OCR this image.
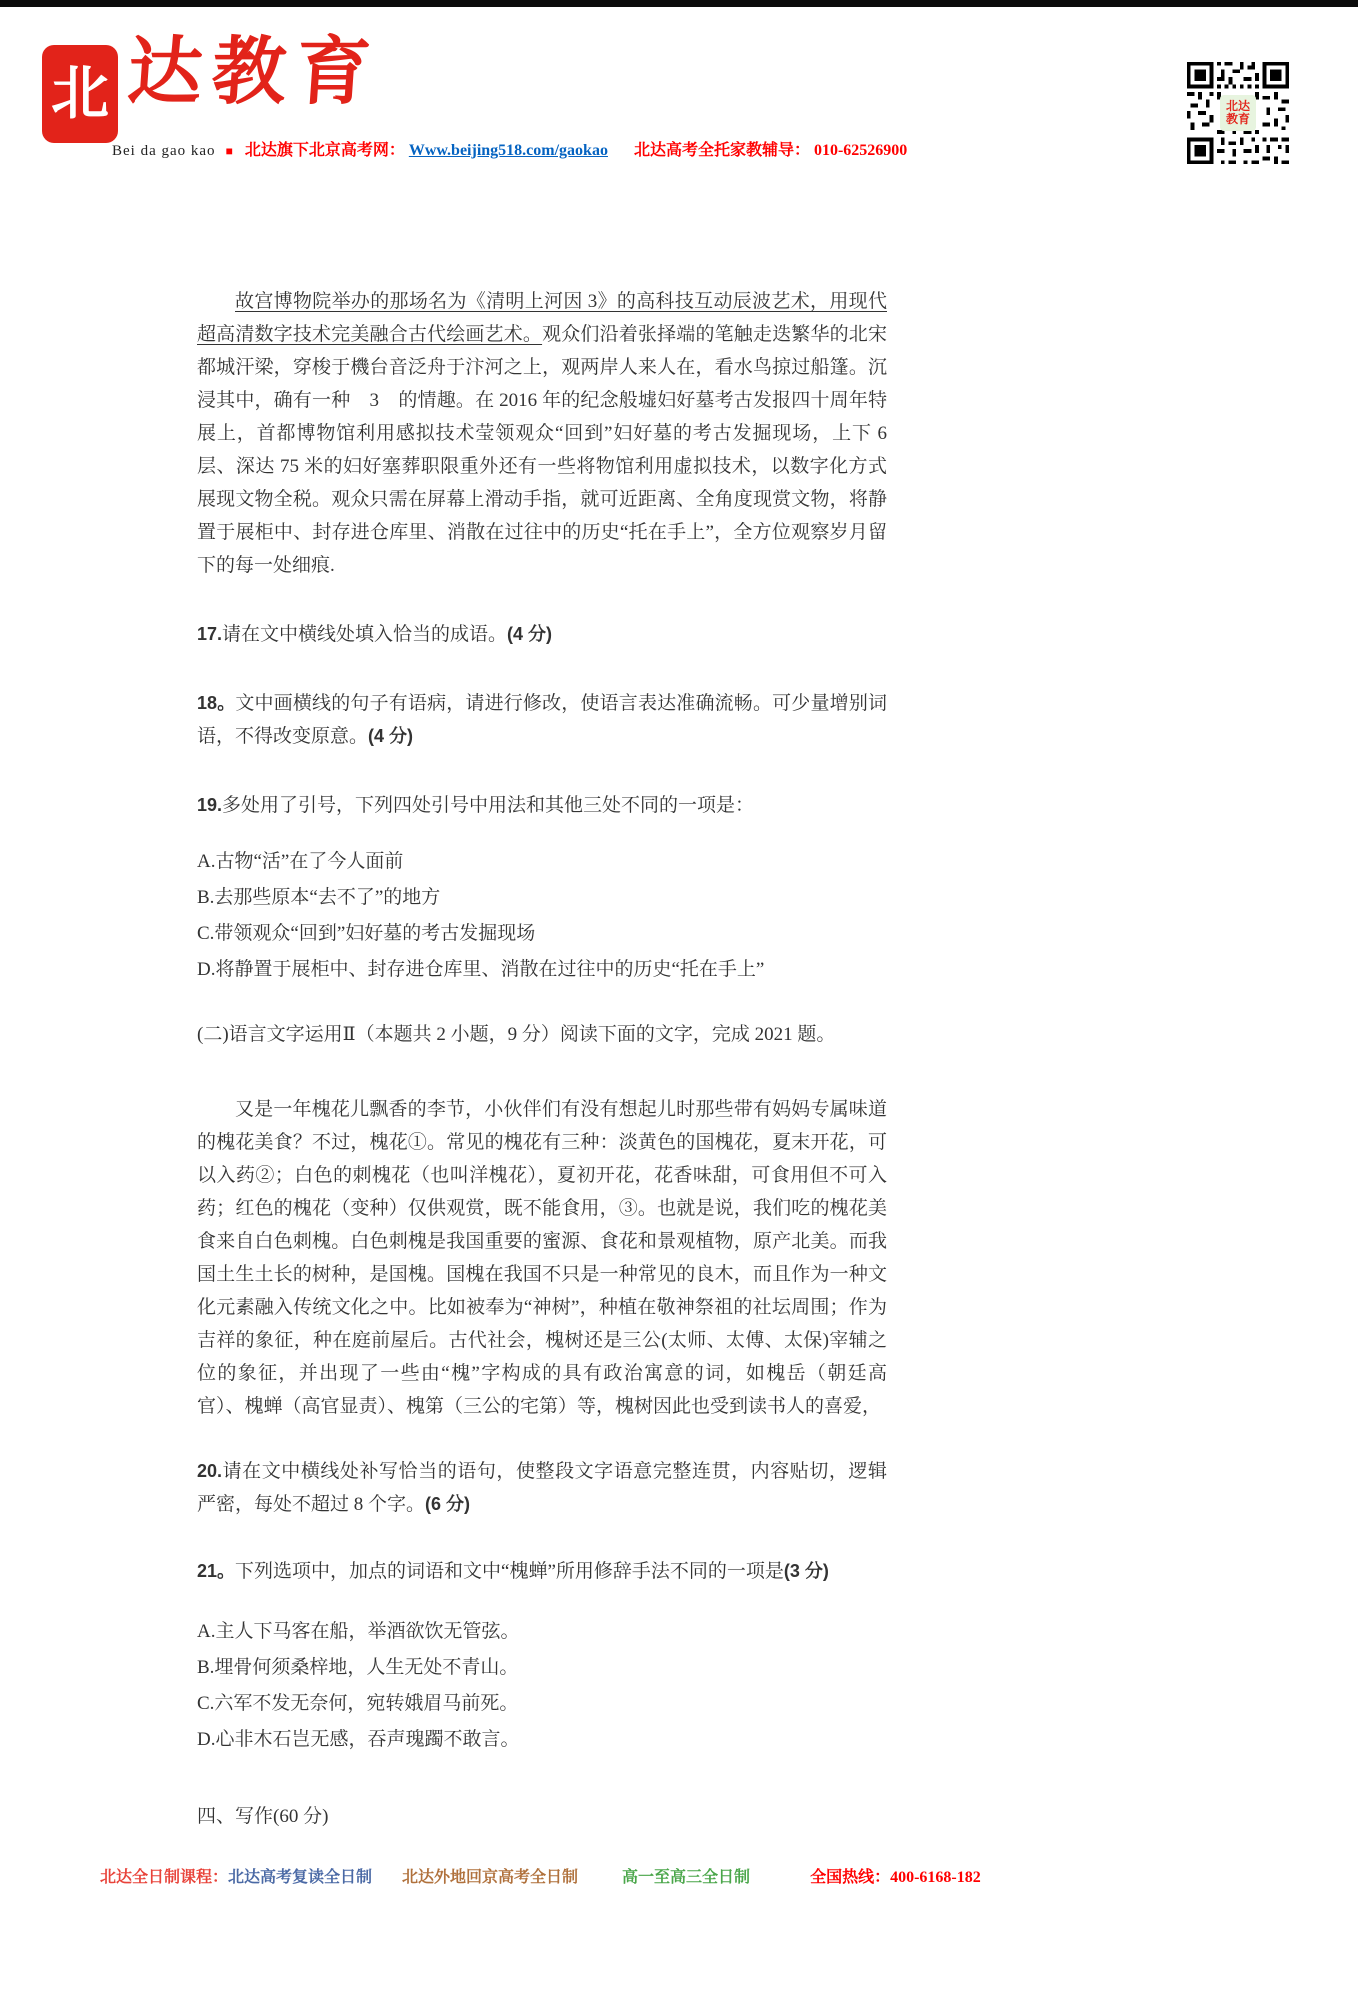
北 达教育
Bei da gao kao ■ 北达旗下北京高考网： Www.beijing518.com/gaokao 北达高考全托家教辅导： 010-62526900
北达
教育

故宫博物院举办的那场名为《清明上河因 3》的高科技互动辰波艺术，用现代超高清数字技术完美融合古代绘画艺术。观众们沿着张择端的笔触走迭繁华的北宋都城汗梁，穿梭于機台音泛舟于汴河之上，观两岸人来人在，看水鸟掠过船篷。沉浸其中，确有一种　3　的情趣。在 2016 年的纪念般墟妇好墓考古发报四十周年特展上，首都博物馆利用感拟技术莹领观众“回到”妇好墓的考古发掘现场，上下 6 层、深达 75 米的妇好塞葬职限重外还有一些将物馆利用虚拟技术，以数字化方式展现文物全税。观众只需在屏幕上滑动手指，就可近距离、全角度现赏文物，将静置于展柜中、封存进仓库里、消散在过往中的历史“托在手上”，全方位观察岁月留下的每一处细痕.

17.请在文中横线处填入恰当的成语。(4 分)
18。文中画横线的句子有语病，请进行修改，使语言表达准确流畅。可少量增别词语，不得改变原意。(4 分)
19.多处用了引号，下列四处引号中用法和其他三处不同的一项是：
A.古物“活”在了今人面前
B.去那些原本“去不了”的地方
C.带领观众“回到”妇好墓的考古发掘现场
D.将静置于展柜中、封存进仓库里、消散在过往中的历史“托在手上”
(二)语言文字运用Ⅱ（本题共 2 小题，9 分）阅读下面的文字，完成 2021 题。

又是一年槐花儿飘香的李节，小伙伴们有没有想起儿时那些带有妈妈专属味道的槐花美食？不过，槐花①。常见的槐花有三种：淡黄色的国槐花，夏末开花，可以入药②；白色的刺槐花（也叫洋槐花），夏初开花，花香味甜，可食用但不可入药；红色的槐花（变种）仅供观赏，既不能食用，③。也就是说，我们吃的槐花美食来自白色刺槐。白色刺槐是我国重要的蜜源、食花和景观植物，原产北美。而我国土生土长的树种，是国槐。国槐在我国不只是一种常见的良木，而且作为一种文化元素融入传统文化之中。比如被奉为“神树”，种植在敬神祭祖的社坛周围；作为吉祥的象征，种在庭前屋后。古代社会，槐树还是三公(太师、太傅、太保)宰辅之位的象征，并出现了一些由“槐”字构成的具有政治寓意的词，如槐岳（朝廷高官）、槐蝉（高官显责）、槐第（三公的宅第）等，槐树因此也受到读书人的喜爱，

20.请在文中横线处补写恰当的语句，使整段文字语意完整连贯，内容贴切，逻辑严密，每处不超过 8 个字。(6 分)
21。下列选项中，加点的词语和文中“槐蝉”所用修辞手法不同的一项是(3 分)
A.主人下马客在船，举酒欲饮无管弦。
B.埋骨何须桑梓地，人生无处不青山。
C.六军不发无奈何，宛转娥眉马前死。
D.心非木石岂无感，吞声瑰躅不敢言。
四、写作(60 分)
北达全日制课程：北达高考复读全日制 北达外地回京高考全日制	高一至高三全日制	全国热线：400-6168-182
